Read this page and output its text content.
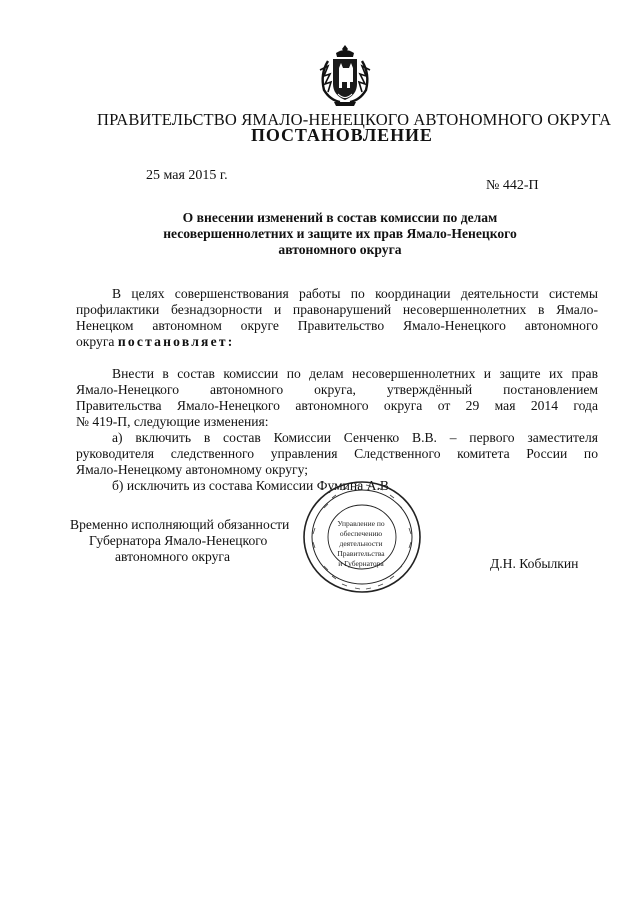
ПРАВИТЕЛЬСТВО ЯМАЛО-НЕНЕЦКОГО АВТОНОМНОГО ОКРУГА
ПОСТАНОВЛЕНИЕ
25 мая 2015 г.
№ 442-П
О внесении изменений в состав комиссии по делам
несовершеннолетних и защите их прав Ямало-Ненецкого
автономного округа
В целях совершенствования работы по координации деятельности системы
профилактики безнадзорности и правонарушений несовершеннолетних в Ямало-
Ненецком автономном округе Правительство Ямало-Ненецкого автономного
округа постановляет:
Внести в состав комиссии по делам несовершеннолетних и защите их прав
Ямало-Ненецкого автономного округа, утверждённый постановлением
Правительства Ямало-Ненецкого автономного округа от 29 мая 2014 года
№ 419-П, следующие изменения:
а) включить в состав Комиссии Сенченко В.В. – первого заместителя
руководителя следственного управления Следственного комитета России по
Ямало-Ненецкому автономному округу;
б) исключить из состава Комиссии Фумина А.В.
Управление по
обеспечению
деятельности
Правительства
и Губернатора
Временно исполняющий обязанности
Губернатора Ямало-Ненецкого
автономного округа	Д.Н. Кобылкин
